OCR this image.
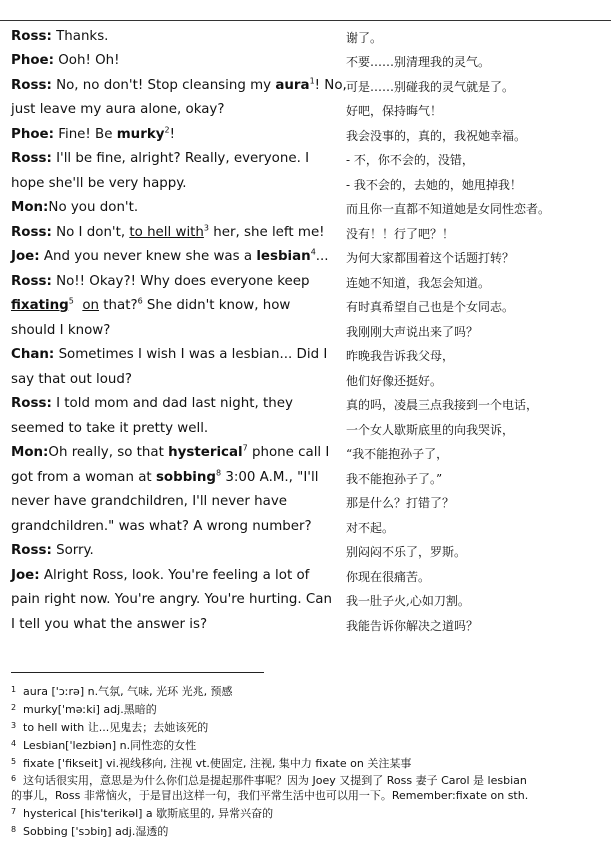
Ross: Thanks.
Phoe: Ooh! Oh!
Ross: No, no don't! Stop cleansing my aura$^1$! No,
just leave my aura alone, okay?
Phoe: Fine! Be murky$^2$!
Ross: I'll be fine, alright? Really, everyone. I
hope she'll be very happy.
Mon:No you don't.
Ross: No I don't, to hell with$^3$ her, she left me!
Joe: And you never knew she was a lesbian$^4$...
Ross: No!! Okay?! Why does everyone keep
fixating$^5$ on that?$^6$ She didn't know, how
should I know?
Chan: Sometimes I wish I was a lesbian... Did I
say that out loud?
Ross: I told mom and dad last night, they
seemed to take it pretty well.
Mon:Oh really, so that hysterical$^7$ phone call I
got from a woman at sobbing$^8$ 3:00 A.M., "I'll
never have grandchildren, I'll never have
grandchildren." was what? A wrong number?
Ross: Sorry.
Joe: Alright Ross, look. You're feeling a lot of
pain right now. You're angry. You're hurting. Can
I tell you what the answer is?
谢了。
不要……别清理我的灵气。
可是……别碰我的灵气就是了。
好吧，保持晦气！
我会没事的，真的，我祝她幸福。
- 不，你不会的，没错，
- 我不会的，去她的，她甩掉我！
而且你一直都不知道她是女同性恋者。
没有！！行了吧？！
为何大家都围着这个话题打转？
连她不知道，我怎会知道。
有时真希望自己也是个女同志。
我刚刚大声说出来了吗？
昨晚我告诉我父母，
他们好像还挺好。
真的吗，凌晨三点我接到一个电话，
一个女人歇斯底里的向我哭诉，
“我不能抱孙子了，
我不能抱孙子了。”
那是什么？打错了？
对不起。
别闷闷不乐了，罗斯。
你现在很痛苦。
我一肚子火,心如刀割。
我能告诉你解决之道吗？
1 aura ['ɔːrə] n.气氛, 气味, 光环 光兆, 预感
2 murky['məːki] adj.黑暗的
3 to hell with 让...见鬼去；去她该死的
4 Lesbian['lezbiən] n.同性恋的女性
5 fixate ['fikseit] vi.视线移向, 注视 vt.使固定, 注视, 集中力 fixate on 关注某事
6 这句话很实用，意思是为什么你们总是提起那件事呢？因为 Joey 又提到了 Ross 妻子 Carol 是 lesbian
的事儿，Ross 非常恼火，于是冒出这样一句，我们平常生活中也可以用一下。Remember:fixate on sth.
7 hysterical [his'terikəl] a 歇斯底里的, 异常兴奋的
8 Sobbing ['sɔbiŋ] adj.湿透的
